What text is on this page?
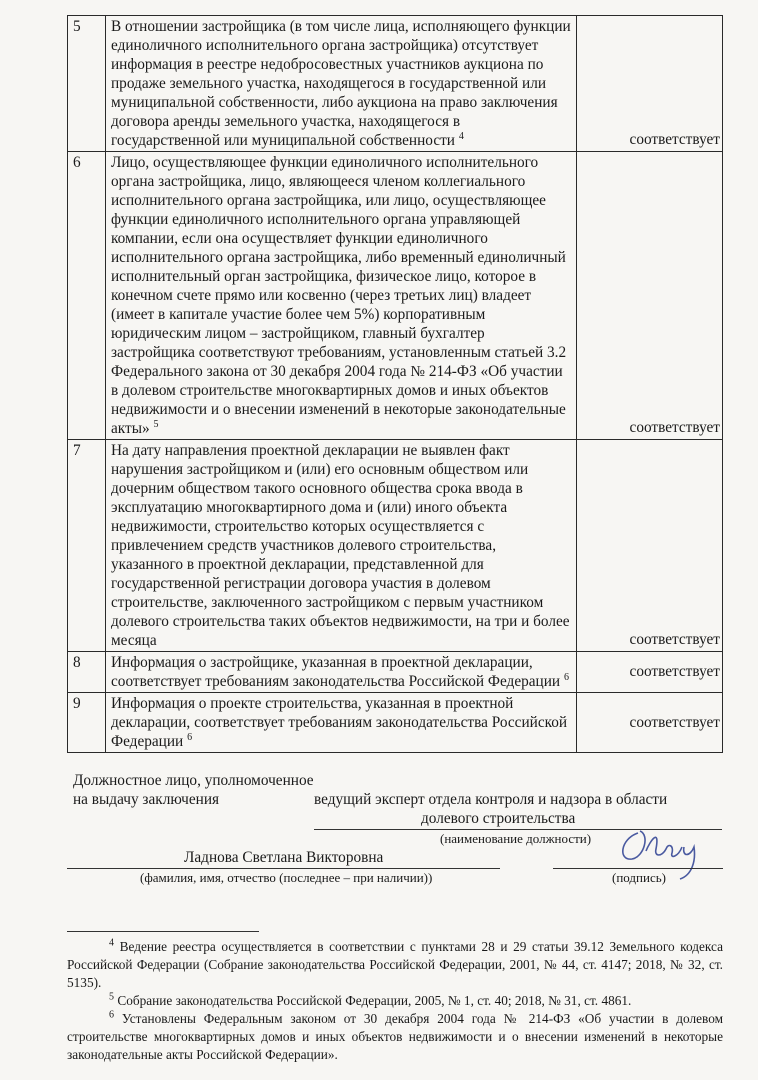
5	В отношении застройщика (в том числе лица, исполняющего функции единоличного исполнительного органа застройщика) отсутствует информация в реестре недобросовестных участников аукциона по продаже земельного участка, находящегося в государственной или муниципальной собственности, либо аукциона на право заключения договора аренды земельного участка, находящегося в государственной или муниципальной собственности $^4$	соответствует
6	Лицо, осуществляющее функции единоличного исполнительного органа застройщика, лицо, являющееся членом коллегиального исполнительного органа застройщика, или лицо, осуществляющее функции единоличного исполнительного органа управляющей компании, если она осуществляет функции единоличного исполнительного органа застройщика, либо временный единоличный исполнительный орган застройщика, физическое лицо, которое в конечном счете прямо или косвенно (через третьих лиц) владеет (имеет в капитале участие более чем 5%) корпоративным юридическим лицом – застройщиком, главный бухгалтер застройщика соответствуют требованиям, установленным статьей 3.2 Федерального закона от 30 декабря 2004 года № 214-ФЗ «Об участии в долевом строительстве многоквартирных домов и иных объектов недвижимости и о внесении изменений в некоторые законодательные акты» $^5$	соответствует
7	На дату направления проектной декларации не выявлен факт нарушения застройщиком и (или) его основным обществом или дочерним обществом такого основного общества срока ввода в эксплуатацию многоквартирного дома и (или) иного объекта недвижимости, строительство которых осуществляется с привлечением средств участников долевого строительства, указанного в проектной декларации, представленной для государственной регистрации договора участия в долевом строительстве, заключенного застройщиком с первым участником долевого строительства таких объектов недвижимости, на три и более месяца	соответствует
8	Информация о застройщике, указанная в проектной декларации, соответствует требованиям законодательства Российской Федерации $^6$	соответствует
9	Информация о проекте строительства, указанная в проектной декларации, соответствует требованиям законодательства Российской Федерации $^6$	соответствует
Должностное лицо, уполномоченное
на выдачу заключения	ведущий эксперт отдела контроля и надзора в области
долевого строительства
(наименование должности)
Ладнова Светлана Викторовна
(фамилия, имя, отчество (последнее – при наличии))	(подпись)

$^4$ Ведение реестра осуществляется в соответствии с пунктами 28 и 29 статьи 39.12 Земельного кодекса Российской Федерации (Собрание законодательства Российской Федерации, 2001, № 44, ст. 4147; 2018, № 32, ст. 5135).

$^5$ Собрание законодательства Российской Федерации, 2005, № 1, ст. 40; 2018, № 31, ст. 4861.

$^6$ Установлены Федеральным законом от 30 декабря 2004 года № 214-ФЗ «Об участии в долевом строительстве многоквартирных домов и иных объектов недвижимости и о внесении изменений в некоторые законодательные акты Российской Федерации».
